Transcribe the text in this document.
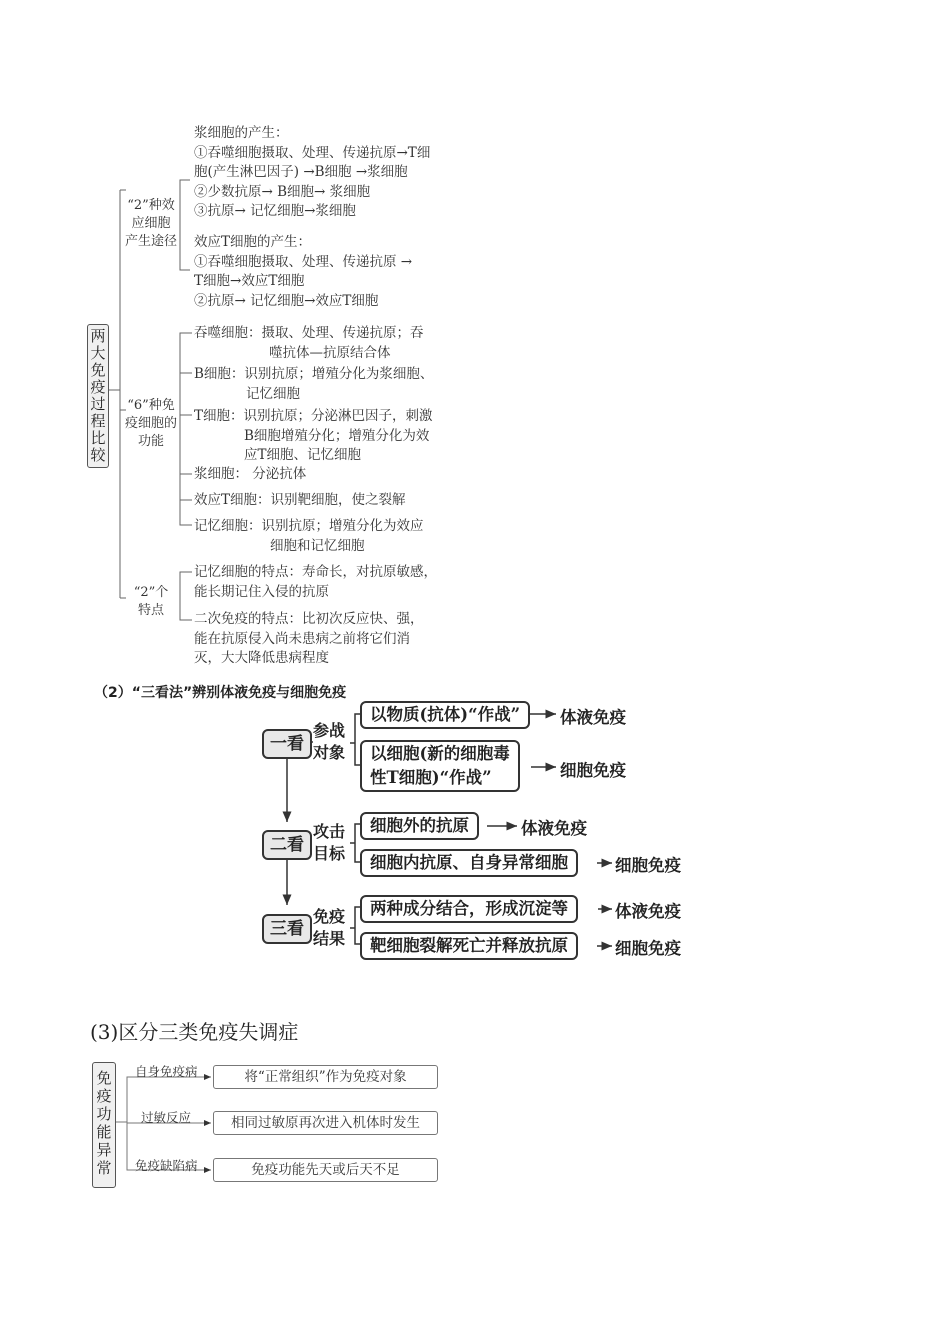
两大免疫过程比较
“2”种效
应细胞
产生途径
“6”种免
疫细胞的
功能
“2”个
特点
浆细胞的产生：
①吞噬细胞摄取、处理、传递抗原→T细
胞(产生淋巴因子) →B细胞 →浆细胞
②少数抗原→ B细胞→ 浆细胞
③抗原→ 记忆细胞→浆细胞
效应T细胞的产生：
①吞噬细胞摄取、处理、传递抗原 →
T细胞→效应T细胞
②抗原→ 记忆细胞→效应T细胞
吞噬细胞：摄取、处理、传递抗原；吞
噬抗体—抗原结合体
B细胞：识别抗原；增殖分化为浆细胞、
记忆细胞
T细胞：识别抗原；分泌淋巴因子，刺激
B细胞增殖分化；增殖分化为效
应T细胞、记忆细胞
浆细胞： 分泌抗体
效应T细胞：识别靶细胞，使之裂解
记忆细胞：识别抗原；增殖分化为效应
细胞和记忆细胞
记忆细胞的特点：寿命长，对抗原敏感，
能长期记住入侵的抗原
二次免疫的特点：比初次反应快、强，
能在抗原侵入尚未患病之前将它们消
灭，大大降低患病程度
（2）“三看法”辨别体液免疫与细胞免疫
一看
参战
对象
以物质(抗体)“作战” 体液免疫
以细胞(新的细胞毒
性T细胞)“作战”	细胞免疫
二看
攻击
目标
细胞外的抗原	体液免疫
细胞内抗原、自身异常细胞	细胞免疫
三看
免疫
结果
两种成分结合，形成沉淀等	体液免疫
靶细胞裂解死亡并释放抗原	细胞免疫
(3)区分三类免疫失调症
免疫功能异常
自身免疫病	将“正常组织”作为免疫对象
过敏反应	相同过敏原再次进入机体时发生
免疫缺陷病	免疫功能先天或后天不足
